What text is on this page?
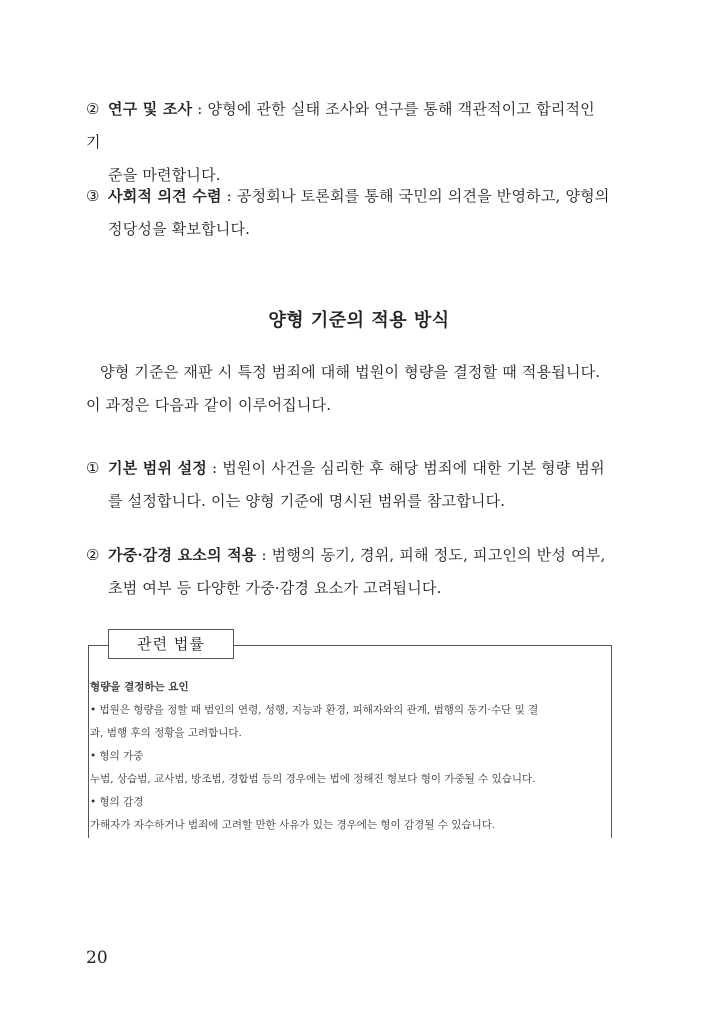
② 연구 및 조사 : 양형에 관한 실태 조사와 연구를 통해 객관적이고 합리적인 기
준을 마련합니다.
③ 사회적 의견 수렴 : 공청회나 토론회를 통해 국민의 의견을 반영하고, 양형의
정당성을 확보합니다.
양형 기준의 적용 방식
양형 기준은 재판 시 특정 범죄에 대해 법원이 형량을 결정할 때 적용됩니다.
이 과정은 다음과 같이 이루어집니다.
① 기본 범위 설정 : 법원이 사건을 심리한 후 해당 범죄에 대한 기본 형량 범위
를 설정합니다. 이는 양형 기준에 명시된 범위를 참고합니다.
② 가중·감경 요소의 적용 : 범행의 동기, 경위, 피해 정도, 피고인의 반성 여부,
초범 여부 등 다양한 가중·감경 요소가 고려됩니다.
관련 법률
형량을 결정하는 요인
• 법원은 형량을 정할 때 범인의 연령, 성행, 지능과 환경, 피해자와의 관계, 범행의 동기·수단 및 결
과, 범행 후의 정황을 고려합니다.
• 형의 가중
누범, 상습범, 교사범, 방조범, 경합범 등의 경우에는 법에 정해진 형보다 형이 가중될 수 있습니다.
• 형의 감경
가해자가 자수하거나 범죄에 고려할 만한 사유가 있는 경우에는 형이 감경될 수 있습니다.
20
